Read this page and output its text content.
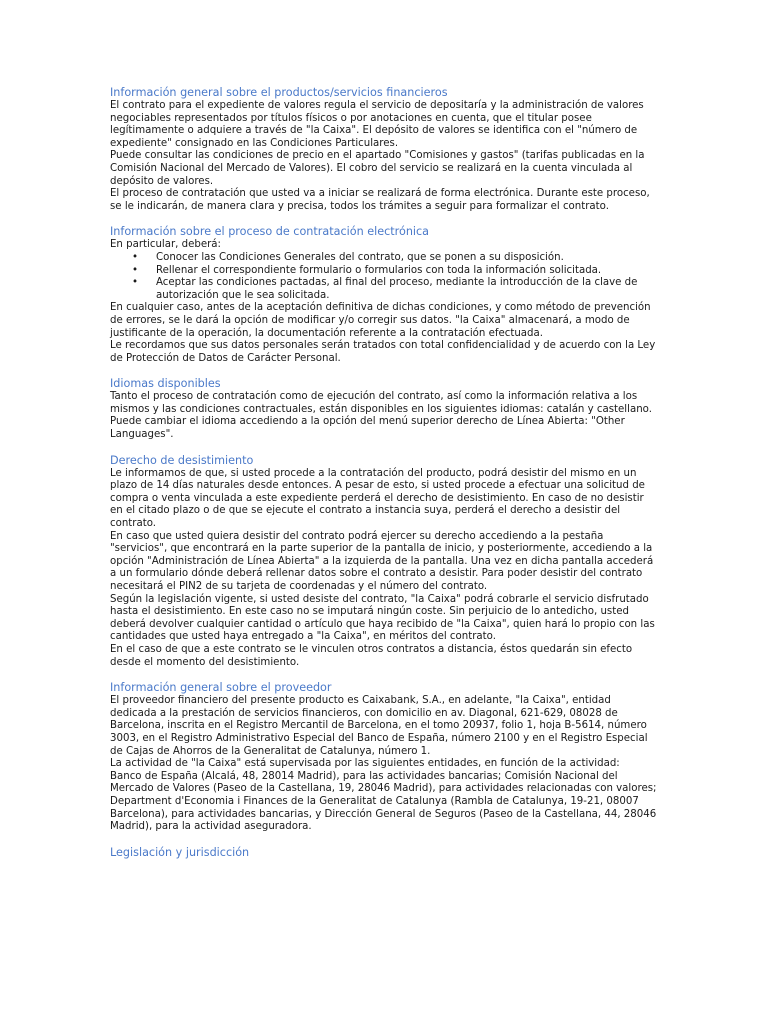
Información general sobre el productos/servicios financieros

El contrato para el expediente de valores regula el servicio de depositaría y la administración de valores negociables representados por títulos físicos o por anotaciones en cuenta, que el titular posee legítimamente o adquiere a través de "la Caixa". El depósito de valores se identifica con el "número de expediente" consignado en las Condiciones Particulares.

Puede consultar las condiciones de precio en el apartado "Comisiones y gastos" (tarifas publicadas en la Comisión Nacional del Mercado de Valores). El cobro del servicio se realizará en la cuenta vinculada al depósito de valores.

El proceso de contratación que usted va a iniciar se realizará de forma electrónica. Durante este proceso, se le indicarán, de manera clara y precisa, todos los trámites a seguir para formalizar el contrato.

Información sobre el proceso de contratación electrónica

En particular, deberá:

• Conocer las Condiciones Generales del contrato, que se ponen a su disposición.
• Rellenar el correspondiente formulario o formularios con toda la información solicitada.
• Aceptar las condiciones pactadas, al final del proceso, mediante la introducción de la clave de autorización que le sea solicitada.

En cualquier caso, antes de la aceptación definitiva de dichas condiciones, y como método de prevención de errores, se le dará la opción de modificar y/o corregir sus datos. "la Caixa" almacenará, a modo de justificante de la operación, la documentación referente a la contratación efectuada.

Le recordamos que sus datos personales serán tratados con total confidencialidad y de acuerdo con la Ley de Protección de Datos de Carácter Personal.

Idiomas disponibles

Tanto el proceso de contratación como de ejecución del contrato, así como la información relativa a los mismos y las condiciones contractuales, están disponibles en los siguientes idiomas: catalán y castellano. Puede cambiar el idioma accediendo a la opción del menú superior derecho de Línea Abierta: "Other Languages".

Derecho de desistimiento

Le informamos de que, si usted procede a la contratación del producto, podrá desistir del mismo en un plazo de 14 días naturales desde entonces. A pesar de esto, si usted procede a efectuar una solicitud de compra o venta vinculada a este expediente perderá el derecho de desistimiento. En caso de no desistir en el citado plazo o de que se ejecute el contrato a instancia suya, perderá el derecho a desistir del contrato.

En caso que usted quiera desistir del contrato podrá ejercer su derecho accediendo a la pestaña "servicios", que encontrará en la parte superior de la pantalla de inicio, y posteriormente, accediendo a la opción "Administración de Línea Abierta" a la izquierda de la pantalla. Una vez en dicha pantalla accederá a un formulario dónde deberá rellenar datos sobre el contrato a desistir. Para poder desistir del contrato necesitará el PIN2 de su tarjeta de coordenadas y el número del contrato.

Según la legislación vigente, si usted desiste del contrato, "la Caixa" podrá cobrarle el servicio disfrutado hasta el desistimiento. En este caso no se imputará ningún coste. Sin perjuicio de lo antedicho, usted deberá devolver cualquier cantidad o artículo que haya recibido de "la Caixa", quien hará lo propio con las cantidades que usted haya entregado a "la Caixa", en méritos del contrato.

En el caso de que a este contrato se le vinculen otros contratos a distancia, éstos quedarán sin efecto desde el momento del desistimiento.

Información general sobre el proveedor

El proveedor financiero del presente producto es Caixabank, S.A., en adelante, "la Caixa", entidad dedicada a la prestación de servicios financieros, con domicilio en av. Diagonal, 621-629, 08028 de Barcelona, inscrita en el Registro Mercantil de Barcelona, en el tomo 20937, folio 1, hoja B-5614, número 3003, en el Registro Administrativo Especial del Banco de España, número 2100 y en el Registro Especial de Cajas de Ahorros de la Generalitat de Catalunya, número 1.

La actividad de "la Caixa" está supervisada por las siguientes entidades, en función de la actividad:

Banco de España (Alcalá, 48, 28014 Madrid), para las actividades bancarias; Comisión Nacional del Mercado de Valores (Paseo de la Castellana, 19, 28046 Madrid), para actividades relacionadas con valores; Department d'Economia i Finances de la Generalitat de Catalunya (Rambla de Catalunya, 19-21, 08007 Barcelona), para actividades bancarias, y Dirección General de Seguros (Paseo de la Castellana, 44, 28046 Madrid), para la actividad aseguradora.

Legislación y jurisdicción
